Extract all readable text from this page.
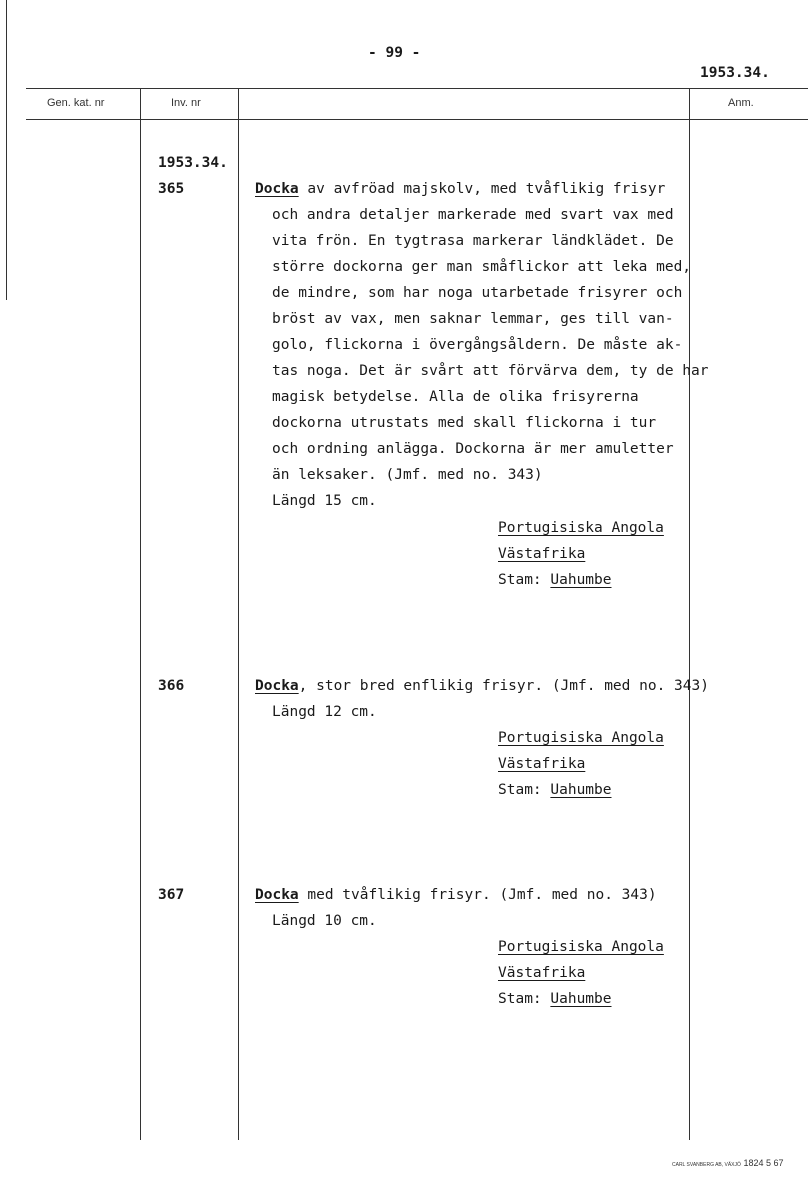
- 99 -
1953.34.
Gen. kat. nr	Inv. nr	Anm.
1953.34.
365	Docka av avfröad majskolv, med tvåflikig frisyr
och andra detaljer markerade med svart vax med
vita frön. En tygtrasa markerar ländklädet. De
större dockorna ger man småflickor att leka med,
de mindre, som har noga utarbetade frisyrer och
bröst av vax, men saknar lemmar, ges till van-
golo, flickorna i övergångsåldern. De måste ak-
tas noga. Det är svårt att förvärva dem, ty de har
magisk betydelse. Alla de olika frisyrerna
dockorna utrustats med skall flickorna i tur
och ordning anlägga. Dockorna är mer amuletter
än leksaker. (Jmf. med no. 343)
Längd 15 cm.
Portugisiska Angola
Västafrika
Stam: Uahumbe
366	Docka, stor bred enflikig frisyr. (Jmf. med no. 343)
Längd 12 cm.
Portugisiska Angola
Västafrika
Stam: Uahumbe
367	Docka med tvåflikig frisyr. (Jmf. med no. 343)
Längd 10 cm.
Portugisiska Angola
Västafrika
Stam: Uahumbe
CARL SVANBERG AB, VÄXJÖ 1824 5 67
